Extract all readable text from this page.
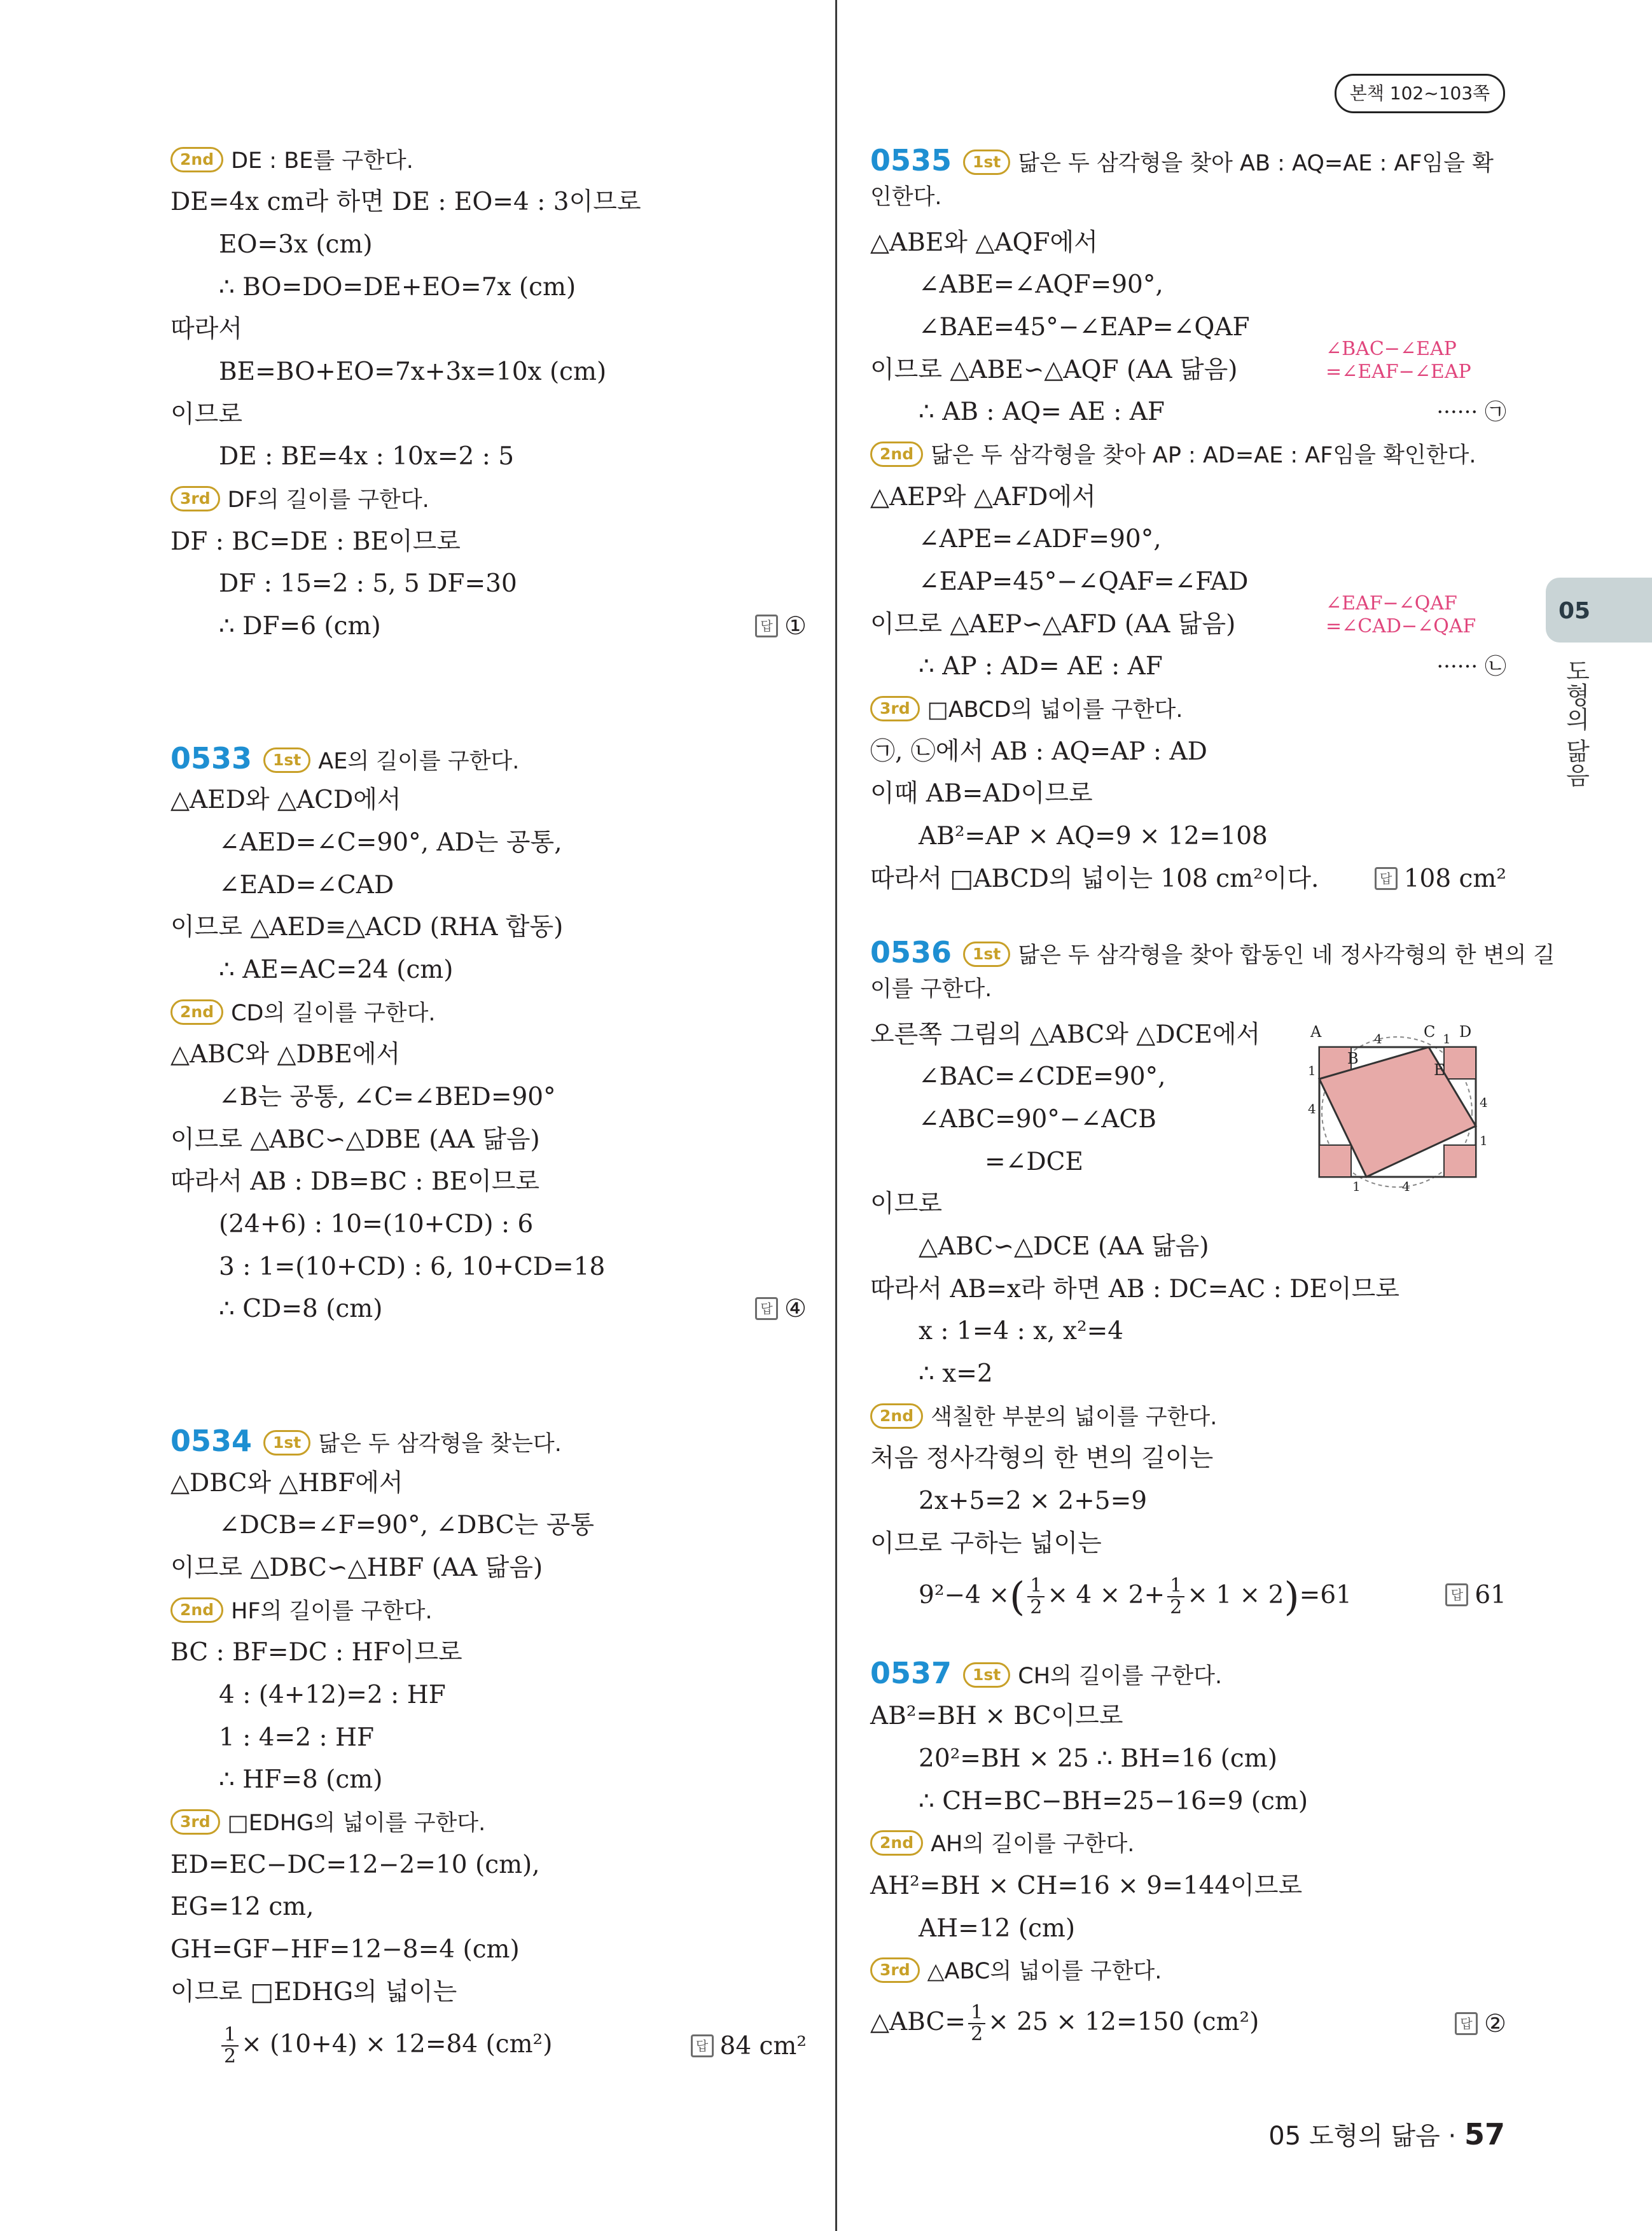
본책 102~103쪽
05
도형의 닮음
2nd DE : BE를 구한다.
DE=4x cm라 하면 DE : EO=4 : 3이므로
EO=3x (cm)
∴ BO=DO=DE+EO=7x (cm)
따라서
BE=BO+EO=7x+3x=10x (cm)
이므로
DE : BE=4x : 10x=2 : 5
3rd DF의 길이를 구한다.
DF : BC=DE : BE이므로
DF : 15=2 : 5, 5 DF=30
∴ DF=6 (cm)	답 ①
0533 1st AE의 길이를 구한다.
△AED와 △ACD에서
∠AED=∠C=90°, AD는 공통,
∠EAD=∠CAD
이므로 △AED≡△ACD (RHA 합동)
∴ AE=AC=24 (cm)
2nd CD의 길이를 구한다.
△ABC와 △DBE에서
∠B는 공통, ∠C=∠BED=90°
이므로 △ABC∽△DBE (AA 닮음)
따라서 AB : DB=BC : BE이므로
(24+6) : 10=(10+CD) : 6
3 : 1=(10+CD) : 6, 10+CD=18
∴ CD=8 (cm)	답 ④
0534 1st 닮은 두 삼각형을 찾는다.
△DBC와 △HBF에서
∠DCB=∠F=90°, ∠DBC는 공통
이므로 △DBC∽△HBF (AA 닮음)
2nd HF의 길이를 구한다.
BC : BF=DC : HF이므로
4 : (4+12)=2 : HF
1 : 4=2 : HF
∴ HF=8 (cm)
3rd □EDHG의 넓이를 구한다.
ED=EC−DC=12−2=10 (cm),
EG=12 cm,
GH=GF−HF=12−8=4 (cm)
이므로 □EDHG의 넓이는
$\frac{1}{2} \times (10+4) \times 12=84$ (cm²)	답 84 cm²
0535 1st 닮은 두 삼각형을 찾아 AB : AQ=AE : AF임을 확
인한다.
△ABE와 △AQF에서
∠ABE=∠AQF=90°,
∠BAE=45°−∠EAP=∠QAF
∠BAC−∠EAP
=∠EAF−∠EAP
이므로 △ABE∽△AQF (AA 닮음)
∴ AB : AQ= AE : AF	······ ㉠
2nd 닮은 두 삼각형을 찾아 AP : AD=AE : AF임을 확인한다.
△AEP와 △AFD에서
∠APE=∠ADF=90°,
∠EAP=45°−∠QAF=∠FAD
∠EAF−∠QAF
=∠CAD−∠QAF
이므로 △AEP∽△AFD (AA 닮음)
∴ AP : AD= AE : AF	······ ㉡
3rd □ABCD의 넓이를 구한다.
㉠, ㉡에서 AB : AQ=AP : AD
이때 AB=AD이므로
AB²=AP × AQ=9 × 12=108
따라서 □ABCD의 넓이는 108 cm²이다.	답 108 cm²
0536 1st 닮은 두 삼각형을 찾아 합동인 네 정사각형의 한 변의 길
이를 구한다.
오른쪽 그림의 △ABC와 △DCE에서
∠BAC=∠CDE=90°,
∠ABC=90°−∠ACB
=∠DCE
이므로
△ABC∽△DCE (AA 닮음)
따라서 AB=x라 하면 AB : DC=AC : DE이므로
x : 1=4 : x, x²=4
∴ x=2
2nd 색칠한 부분의 넓이를 구한다.
처음 정사각형의 한 변의 길이는
2x+5=2 × 2+5=9
이므로 구하는 넓이는
9²−4 ×( $\frac{1}{2} \times 4 \times 2+ \frac{1}{2} \times 1 \times 2)=61$	답 61
A
B
C D
E
4	1
1
4	4
1
1	4
0537 1st CH의 길이를 구한다.
AB²=BH × BC이므로
20²=BH × 25 ∴ BH=16 (cm)
∴ CH=BC−BH=25−16=9 (cm)
2nd AH의 길이를 구한다.
AH²=BH × CH=16 × 9=144이므로
AH=12 (cm)
3rd △ABC의 넓이를 구한다.
△ABC= $\frac{1}{2} \times 25 \times 12=150$ (cm²)	답 ②
05 도형의 닮음 · 57
